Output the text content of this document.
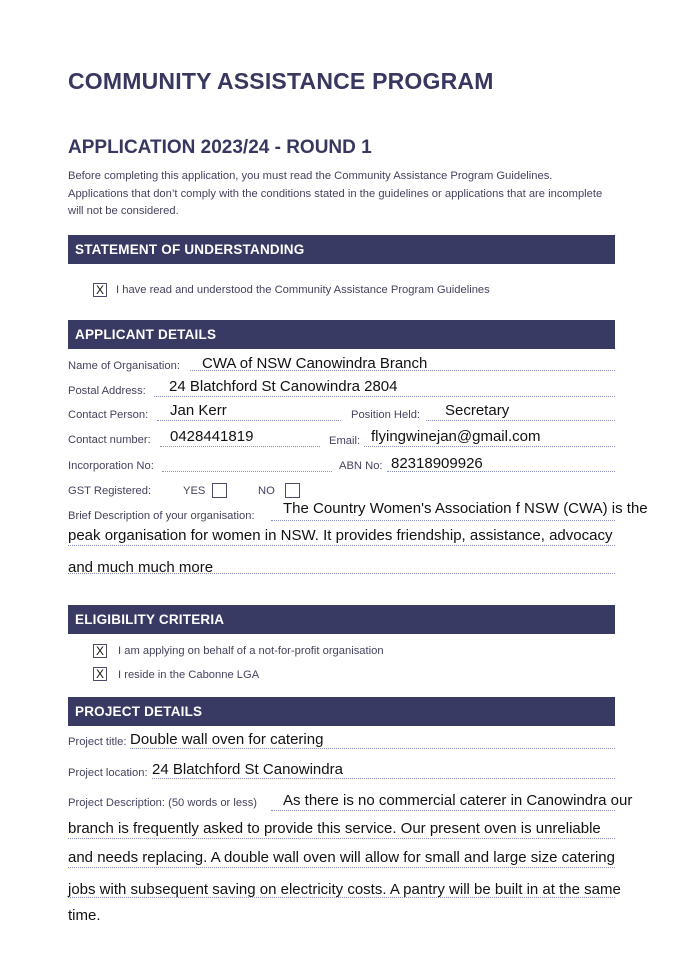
COMMUNITY ASSISTANCE PROGRAM
APPLICATION 2023/24 - ROUND 1

Before completing this application, you must read the Community Assistance Program Guidelines. Applications that don’t comply with the conditions stated in the guidelines or applications that are incomplete will not be considered.

STATEMENT OF UNDERSTANDING
X I have read and understood the Community Assistance Program Guidelines
APPLICANT DETAILS
Name of Organisation: CWA of NSW Canowindra Branch
Postal Address: 24 Blatchford St Canowindra 2804
Contact Person: Jan Kerr	Position Held: Secretary
Contact number: 0428441819	Email: flyingwinejan@gmail.com
Incorporation No:	ABN No: 82318909926
GST Registered:	YES	NO
Brief Description of your organisation: The Country Women's Association f NSW (CWA) is the
peak organisation for women in NSW. It provides friendship, assistance, advocacy
and much much more
ELIGIBILITY CRITERIA
X I am applying on behalf of a not-for-profit organisation
X I reside in the Cabonne LGA
PROJECT DETAILS
Project title: Double wall oven for catering
Project location: 24 Blatchford St Canowindra
Project Description: (50 words or less) As there is no commercial caterer in Canowindra our
branch is frequently asked to provide this service. Our present oven is unreliable
and needs replacing. A double wall oven will allow for small and large size catering
jobs with subsequent saving on electricity costs. A pantry will be built in at the same
time.
